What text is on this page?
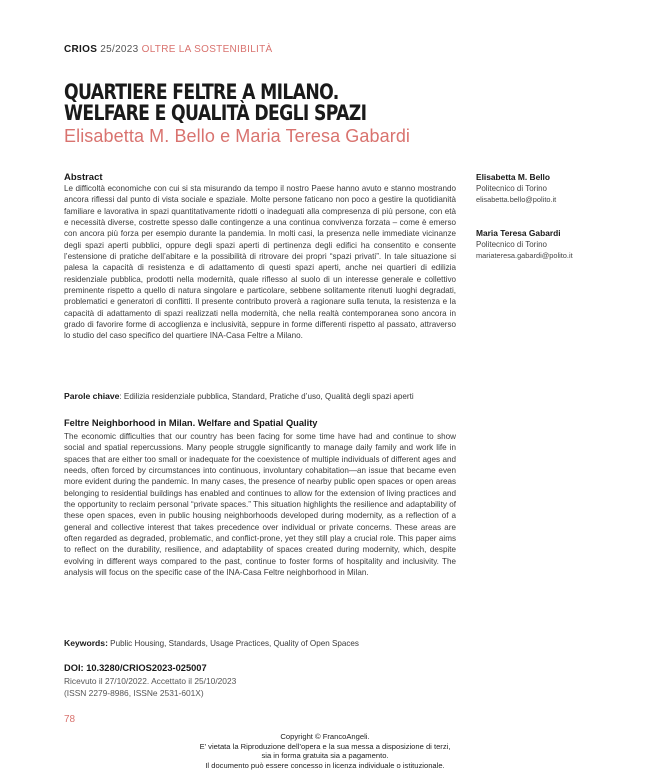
CRIOS 25/2023 OLTRE LA SOSTENIBILITÀ
QUARTIERE FELTRE A MILANO.
WELFARE E QUALITÀ DEGLI SPAZI
Elisabetta M. Bello e Maria Teresa Gabardi
Abstract

Le difficoltà economiche con cui si sta misurando da tempo il nostro Paese hanno avuto e stanno mostrando ancora riflessi dal punto di vista sociale e spaziale. Molte persone faticano non poco a gestire la quotidianità familiare e lavorativa in spazi quantitativamente ridotti o inadeguati alla compresenza di più persone, con età e necessità diverse, costrette spesso dalle contingenze a una continua convivenza forzata – come è emerso con ancora più forza per esempio durante la pandemia. In molti casi, la presenza nelle immediate vicinanze degli spazi aperti pubblici, oppure degli spazi aperti di pertinenza degli edifici ha consentito e consente l’estensione di pratiche dell’abitare e la possibilità di ritrovare dei propri “spazi privati”. In tale situazione si palesa la capacità di resistenza e di adattamento di questi spazi aperti, anche nei quartieri di edilizia residenziale pubblica, prodotti nella modernità, quale riflesso al suolo di un interesse generale e collettivo preminente rispetto a quello di natura singolare e particolare, sebbene solitamente ritenuti luoghi degradati, problematici e generatori di conflitti. Il presente contributo proverà a ragionare sulla tenuta, la resistenza e la capacità di adattamento di spazi realizzati nella modernità, che nella realtà contemporanea sono ancora in grado di favorire forme di accoglienza e inclusività, seppure in forme differenti rispetto al passato, attraverso lo studio del caso specifico del quartiere INA-Casa Feltre a Milano.

Parole chiave: Edilizia residenziale pubblica, Standard, Pratiche d’uso, Qualità degli spazi aperti
Feltre Neighborhood in Milan. Welfare and Spatial Quality

The economic difficulties that our country has been facing for some time have had and continue to show social and spatial repercussions. Many people struggle significantly to manage daily family and work life in spaces that are either too small or inadequate for the coexistence of multiple individuals of different ages and needs, often forced by circumstances into continuous, involuntary cohabitation—an issue that became even more evident during the pandemic. In many cases, the presence of nearby public open spaces or open areas belonging to residential buildings has enabled and continues to allow for the extension of living practices and the opportunity to reclaim personal “private spaces.” This situation highlights the resilience and adaptability of these open spaces, even in public housing neighborhoods developed during modernity, as a reflection of a general and collective interest that takes precedence over individual or private concerns. These areas are often regarded as degraded, problematic, and conflict-prone, yet they still play a crucial role. This paper aims to reflect on the durability, resilience, and adaptability of spaces created during modernity, which, despite evolving in different ways compared to the past, continue to foster forms of hospitality and inclusivity. The analysis will focus on the specific case of the INA-Casa Feltre neighborhood in Milan.

Keywords: Public Housing, Standards, Usage Practices, Quality of Open Spaces
DOI: 10.3280/CRIOS2023-025007
Ricevuto il 27/10/2022. Accettato il 25/10/2023
(ISSN 2279-8986, ISSNe 2531-601X)
78
Copyright © FrancoAngeli.
E’ vietata la Riproduzione dell’opera e la sua messa a disposizione di terzi,
sia in forma gratuita sia a pagamento.
Il documento può essere concesso in licenza individuale o istituzionale.
Elisabetta M. Bello
Politecnico di Torino
elisabetta.bello@polito.it
Maria Teresa Gabardi
Politecnico di Torino
mariateresa.gabardi@polito.it
